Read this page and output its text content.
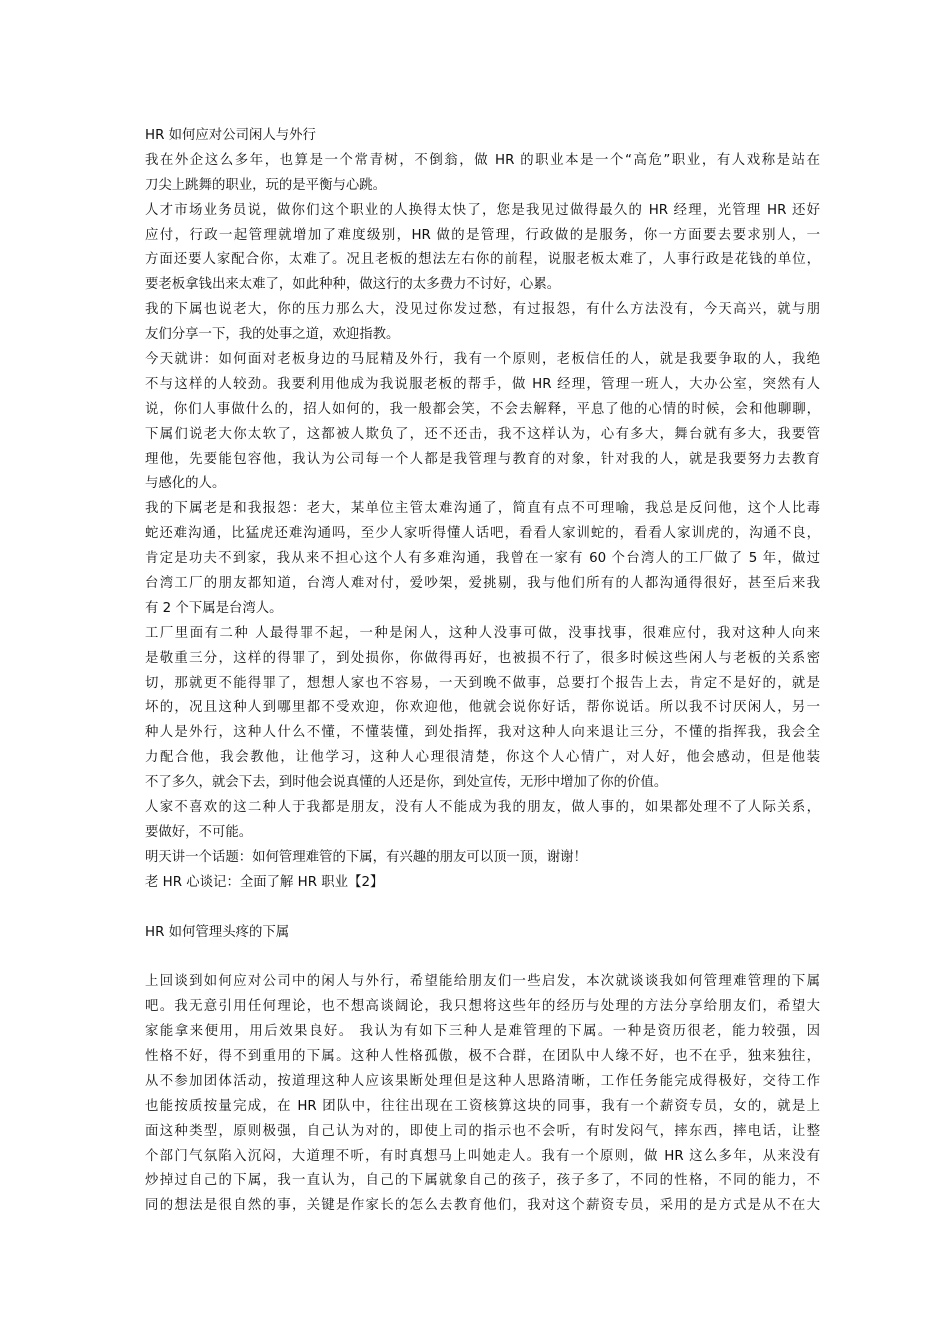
HR 如何应对公司闲人与外行
我在外企这么多年，也算是一个常青树，不倒翁，做 HR 的职业本是一个“高危”职业，有人戏称是站在
刀尖上跳舞的职业，玩的是平衡与心跳。
人才市场业务员说，做你们这个职业的人换得太快了，您是我见过做得最久的 HR 经理，光管理 HR 还好
应付，行政一起管理就增加了难度级别，HR 做的是管理，行政做的是服务，你一方面要去要求别人，一
方面还要人家配合你，太难了。况且老板的想法左右你的前程，说服老板太难了，人事行政是花钱的单位，
要老板拿钱出来太难了，如此种种，做这行的太多费力不讨好，心累。
我的下属也说老大，你的压力那么大，没见过你发过愁，有过报怨，有什么方法没有，今天高兴，就与朋
友们分享一下，我的处事之道，欢迎指教。
今天就讲：如何面对老板身边的马屁精及外行，我有一个原则，老板信任的人，就是我要争取的人，我绝
不与这样的人较劲。我要利用他成为我说服老板的帮手，做 HR 经理，管理一班人，大办公室，突然有人
说，你们人事做什么的，招人如何的，我一般都会笑，不会去解释，平息了他的心情的时候，会和他聊聊，
下属们说老大你太软了，这都被人欺负了，还不还击，我不这样认为，心有多大，舞台就有多大，我要管
理他，先要能包容他，我认为公司每一个人都是我管理与教育的对象，针对我的人，就是我要努力去教育
与感化的人。
我的下属老是和我报怨：老大，某单位主管太难沟通了，简直有点不可理喻，我总是反问他，这个人比毒
蛇还难沟通，比猛虎还难沟通吗，至少人家听得懂人话吧，看看人家训蛇的，看看人家训虎的，沟通不良，
肯定是功夫不到家，我从来不担心这个人有多难沟通，我曾在一家有 60 个台湾人的工厂做了 5 年，做过
台湾工厂的朋友都知道，台湾人难对付，爱吵架，爱挑剔，我与他们所有的人都沟通得很好，甚至后来我
有 2 个下属是台湾人。
工厂里面有二种 人最得罪不起，一种是闲人，这种人没事可做，没事找事，很难应付，我对这种人向来
是敬重三分，这样的得罪了，到处损你，你做得再好，也被损不行了，很多时候这些闲人与老板的关系密
切，那就更不能得罪了，想想人家也不容易，一天到晚不做事，总要打个报告上去，肯定不是好的，就是
坏的，况且这种人到哪里都不受欢迎，你欢迎他，他就会说你好话，帮你说话。所以我不讨厌闲人，另一
种人是外行，这种人什么不懂，不懂装懂，到处指挥，我对这种人向来退让三分，不懂的指挥我，我会全
力配合他，我会教他，让他学习，这种人心理很清楚，你这个人心情广，对人好，他会感动，但是他装
不了多久，就会下去，到时他会说真懂的人还是你，到处宣传，无形中增加了你的价值。
人家不喜欢的这二种人于我都是朋友，没有人不能成为我的朋友，做人事的，如果都处理不了人际关系，
要做好，不可能。
明天讲一个话题：如何管理难管的下属，有兴趣的朋友可以顶一顶，谢谢！
老 HR 心谈记：全面了解 HR 职业【2】
HR 如何管理头疼的下属
上回谈到如何应对公司中的闲人与外行，希望能给朋友们一些启发，本次就谈谈我如何管理难管理的下属
吧。我无意引用任何理论，也不想高谈阔论，我只想将这些年的经历与处理的方法分享给朋友们，希望大
家能拿来便用，用后效果良好。 我认为有如下三种人是难管理的下属。一种是资历很老，能力较强，因
性格不好，得不到重用的下属。这种人性格孤傲，极不合群，在团队中人缘不好，也不在乎，独来独往，
从不参加团体活动，按道理这种人应该果断处理但是这种人思路清晰，工作任务能完成得极好，交待工作
也能按质按量完成，在 HR 团队中，往往出现在工资核算这块的同事，我有一个薪资专员，女的，就是上
面这种类型，原则极强，自己认为对的，即使上司的指示也不会听，有时发闷气，摔东西，摔电话，让整
个部门气氛陷入沉闷，大道理不听，有时真想马上叫她走人。我有一个原则，做 HR 这么多年，从来没有
炒掉过自己的下属，我一直认为，自己的下属就象自己的孩子，孩子多了，不同的性格，不同的能力，不
同的想法是很自然的事，关键是作家长的怎么去教育他们，我对这个薪资专员，采用的是方式是从不在大
